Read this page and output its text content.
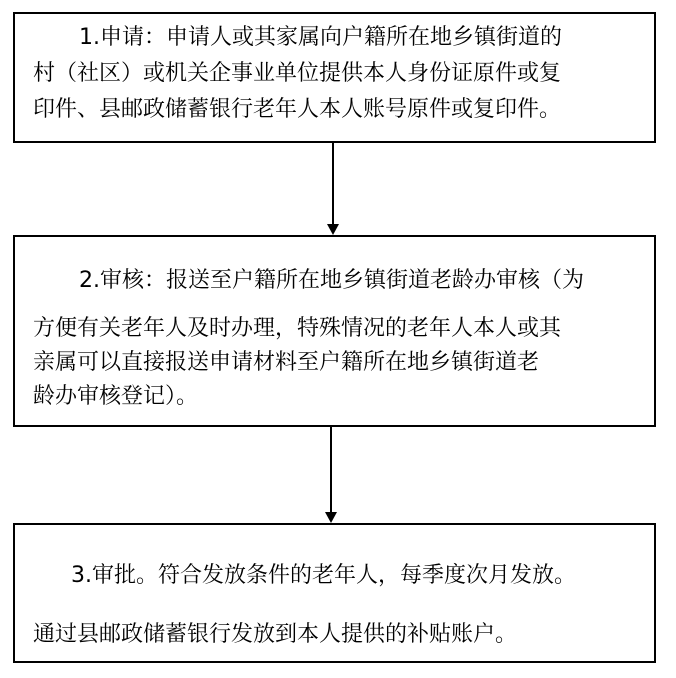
1.申请：申请人或其家属向户籍所在地乡镇街道的
村（社区）或机关企事业单位提供本人身份证原件或复
印件、县邮政储蓄银行老年人本人账号原件或复印件。
2.审核：报送至户籍所在地乡镇街道老龄办审核（为
方便有关老年人及时办理，特殊情况的老年人本人或其
亲属可以直接报送申请材料至户籍所在地乡镇街道老
龄办审核登记）。
3.审批。符合发放条件的老年人，每季度次月发放。
通过县邮政储蓄银行发放到本人提供的补贴账户。
